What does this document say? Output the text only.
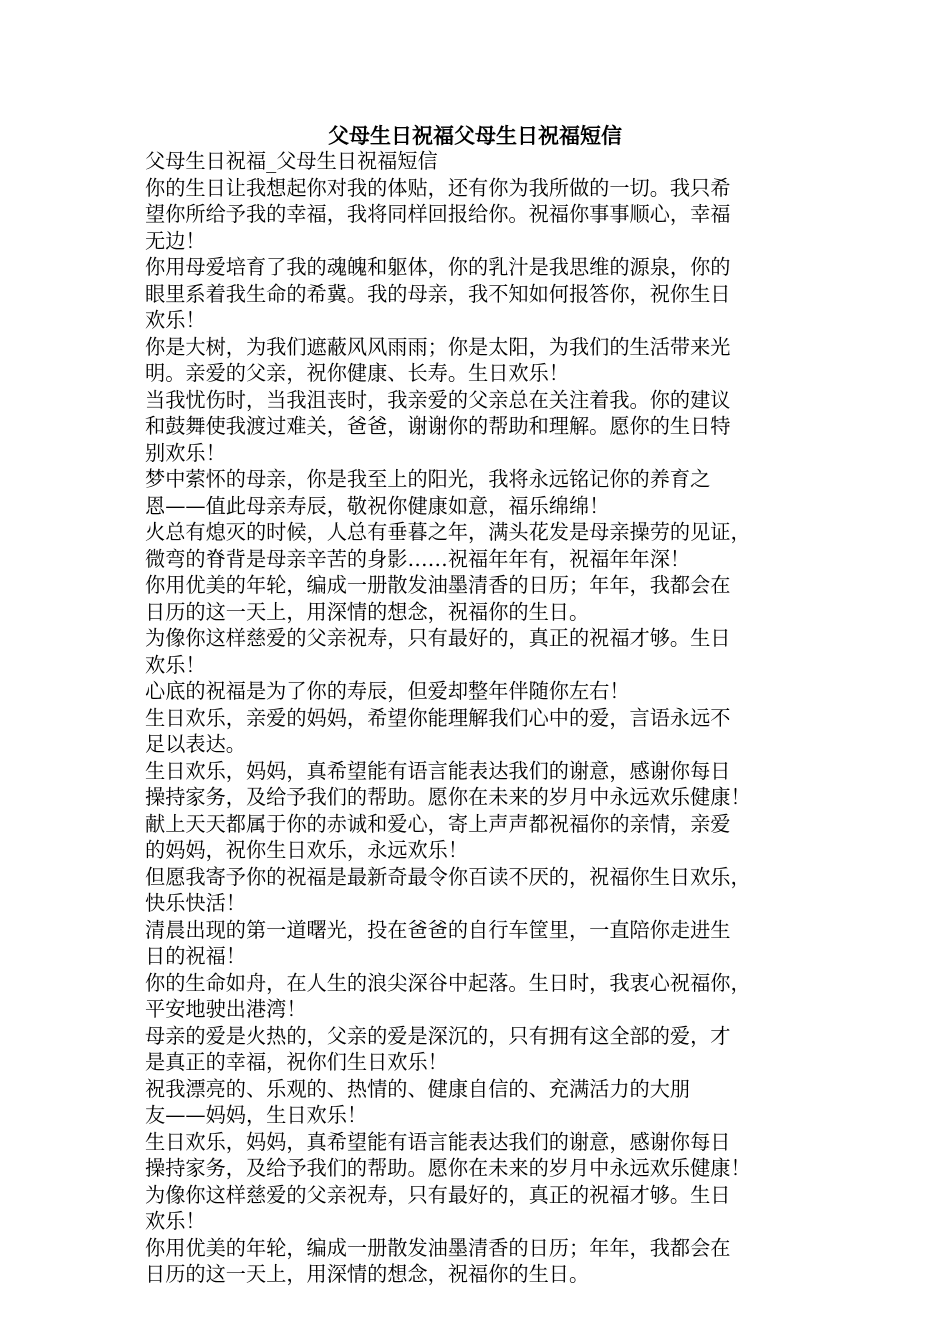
父母生日祝福父母生日祝福短信

父母生日祝福_父母生日祝福短信

你的生日让我想起你对我的体贴，还有你为我所做的一切。我只希
望你所给予我的幸福，我将同样回报给你。祝福你事事顺心，幸福
无边！

你用母爱培育了我的魂魄和躯体，你的乳汁是我思维的源泉，你的
眼里系着我生命的希冀。我的母亲，我不知如何报答你，祝你生日
欢乐！

你是大树，为我们遮蔽风风雨雨；你是太阳，为我们的生活带来光
明。亲爱的父亲，祝你健康、长寿。生日欢乐！

当我忧伤时，当我沮丧时，我亲爱的父亲总在关注着我。你的建议
和鼓舞使我渡过难关，爸爸，谢谢你的帮助和理解。愿你的生日特
别欢乐！

梦中萦怀的母亲，你是我至上的阳光，我将永远铭记你的养育之
恩——值此母亲寿辰，敬祝你健康如意，福乐绵绵！

火总有熄灭的时候，人总有垂暮之年，满头花发是母亲操劳的见证，
微弯的脊背是母亲辛苦的身影……祝福年年有，祝福年年深！

你用优美的年轮，编成一册散发油墨清香的日历；年年，我都会在
日历的这一天上，用深情的想念，祝福你的生日。

为像你这样慈爱的父亲祝寿，只有最好的，真正的祝福才够。生日
欢乐！

心底的祝福是为了你的寿辰，但爱却整年伴随你左右！

生日欢乐，亲爱的妈妈，希望你能理解我们心中的爱，言语永远不
足以表达。

生日欢乐，妈妈，真希望能有语言能表达我们的谢意，感谢你每日
操持家务，及给予我们的帮助。愿你在未来的岁月中永远欢乐健康！

献上天天都属于你的赤诚和爱心，寄上声声都祝福你的亲情，亲爱
的妈妈，祝你生日欢乐，永远欢乐！

但愿我寄予你的祝福是最新奇最令你百读不厌的，祝福你生日欢乐，
快乐快活！

清晨出现的第一道曙光，投在爸爸的自行车筐里，一直陪你走进生
日的祝福！

你的生命如舟，在人生的浪尖深谷中起落。生日时，我衷心祝福你，
平安地驶出港湾！

母亲的爱是火热的，父亲的爱是深沉的，只有拥有这全部的爱，才
是真正的幸福，祝你们生日欢乐！

祝我漂亮的、乐观的、热情的、健康自信的、充满活力的大朋
友——妈妈，生日欢乐！

生日欢乐，妈妈，真希望能有语言能表达我们的谢意，感谢你每日
操持家务，及给予我们的帮助。愿你在未来的岁月中永远欢乐健康！

为像你这样慈爱的父亲祝寿，只有最好的，真正的祝福才够。生日
欢乐！

你用优美的年轮，编成一册散发油墨清香的日历；年年，我都会在
日历的这一天上，用深情的想念，祝福你的生日。
